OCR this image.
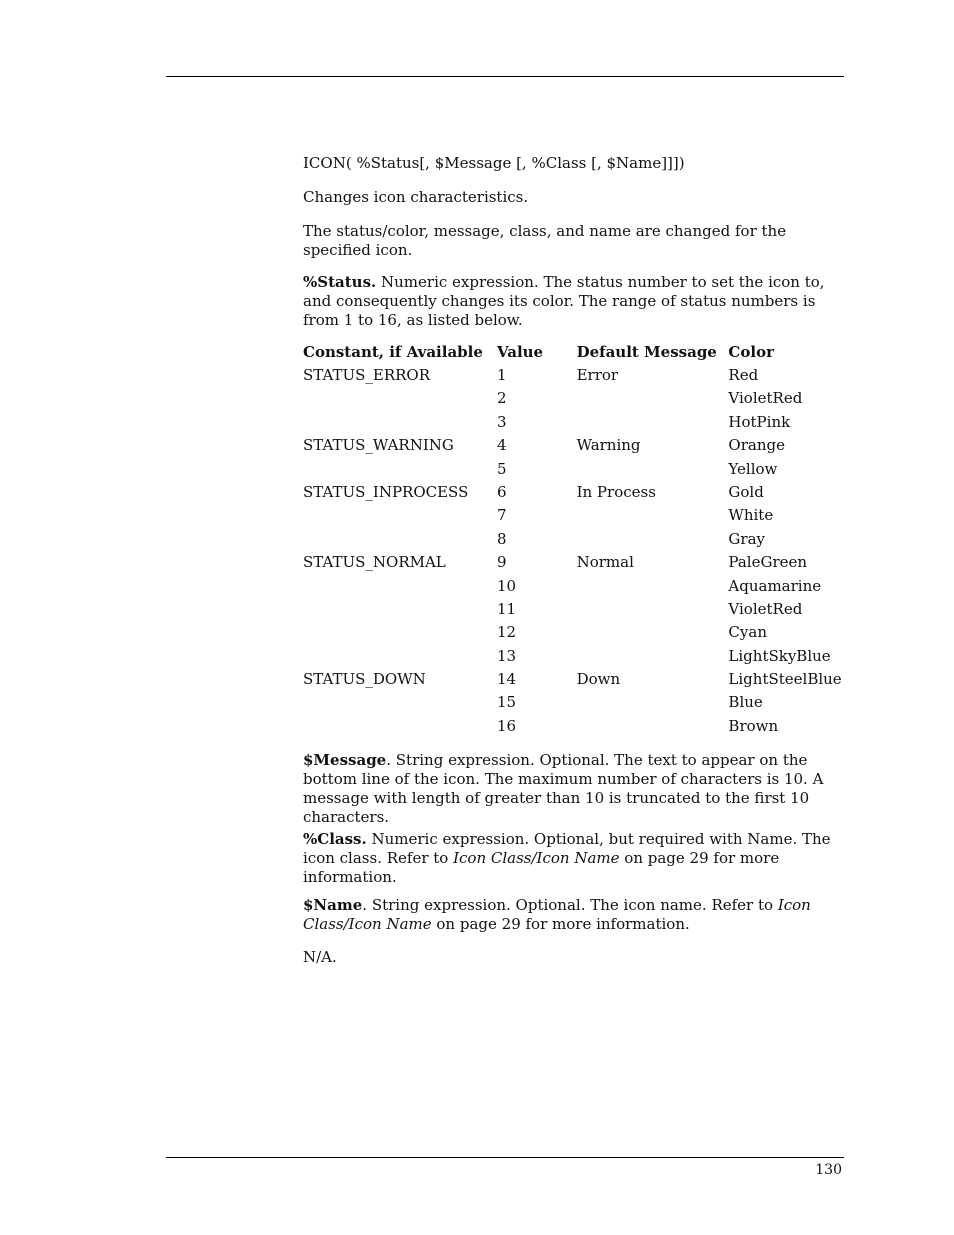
ICON( %Status[, $Message [, %Class [, $Name]]])

Changes icon characteristics.

The status/color, message, class, and name are changed for the specified icon.

%Status. Numeric expression. The status number to set the icon to, and consequently changes its color. The range of status numbers is from 1 to 16, as listed below.

Constant, if Available	Value	Default Message	Color
STATUS_ERROR	1	Error	Red
	2		VioletRed
	3		HotPink
STATUS_WARNING	4	Warning	Orange
	5		Yellow
STATUS_INPROCESS	6	In Process	Gold
	7		White
	8		Gray
STATUS_NORMAL	9	Normal	PaleGreen
	10		Aquamarine
	11		VioletRed
	12		Cyan
	13		LightSkyBlue
STATUS_DOWN	14	Down	LightSteelBlue
	15		Blue
	16		Brown

$Message. String expression. Optional. The text to appear on the bottom line of the icon. The maximum number of characters is 10. A message with length of greater than 10 is truncated to the first 10 characters.

%Class. Numeric expression. Optional, but required with Name. The icon class. Refer to Icon Class/Icon Name on page 29 for more information.

$Name. String expression. Optional. The icon name. Refer to Icon Class/Icon Name on page 29 for more information.

N/A.

130
